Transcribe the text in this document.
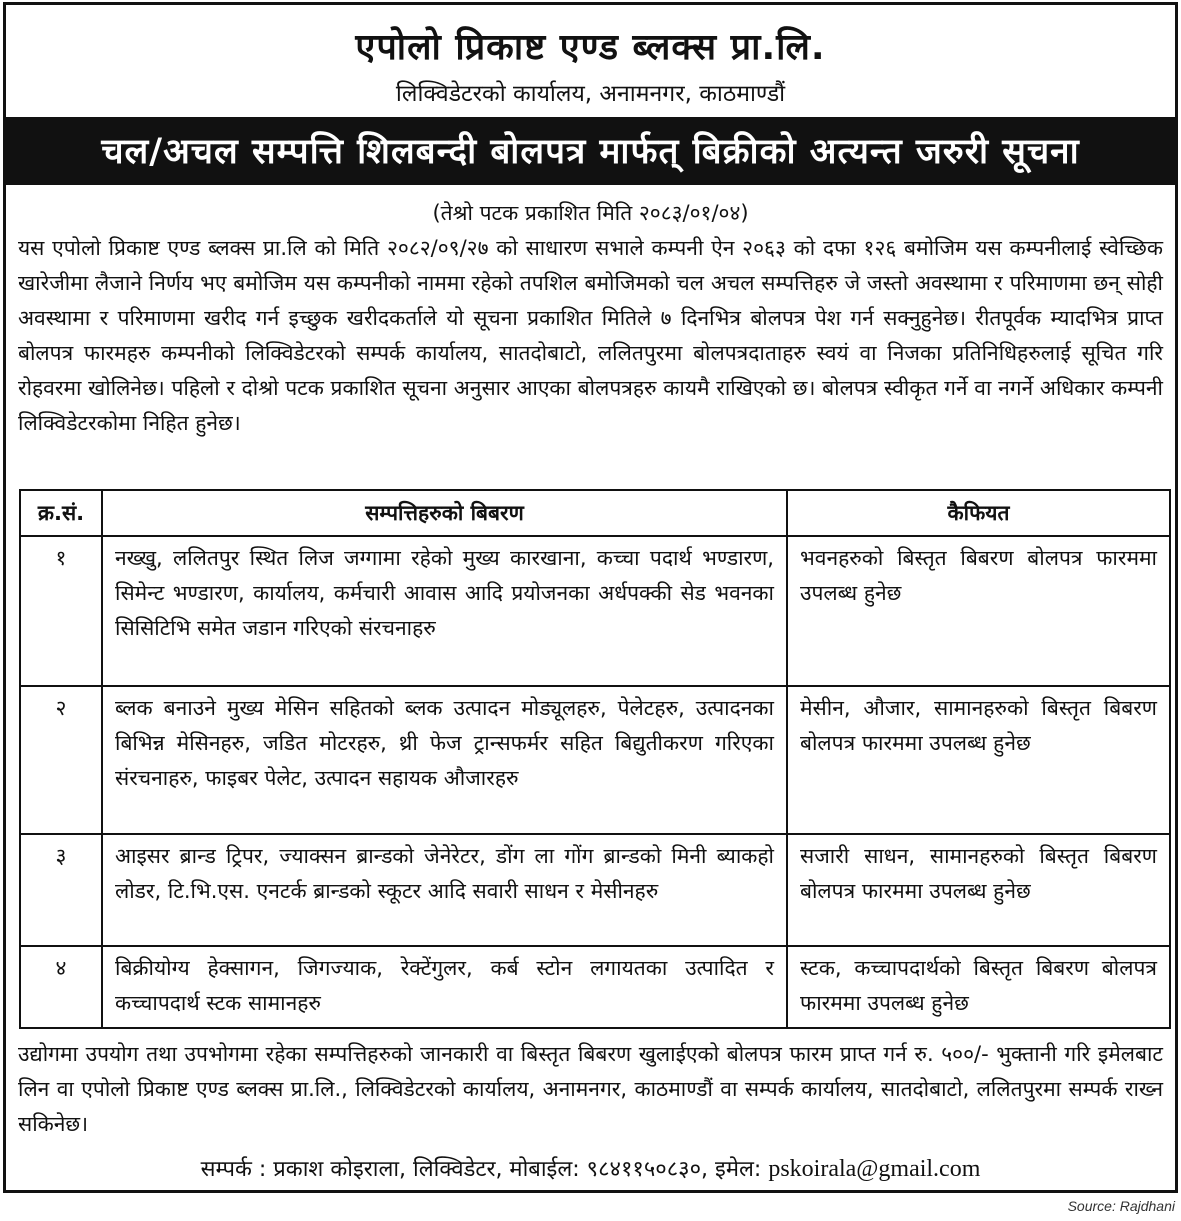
एपोलो प्रिकाष्ट एण्ड ब्लक्स प्रा.लि.
लिक्विडेटरको कार्यालय, अनामनगर, काठमाण्डौं
चल/अचल सम्पत्ति शिलबन्दी बोलपत्र मार्फत् बिक्रीको अत्यन्त जरुरी सूचना
(तेश्रो पटक प्रकाशित मिति २०८३/०१/०४)
यस एपोलो प्रिकाष्ट एण्ड ब्लक्स प्रा.लि को मिति २०८२/०९/२७ को साधारण सभाले कम्पनी ऐन २०६३ को दफा १२६ बमोजिम यस कम्पनीलाई स्वेच्छिक खारेजीमा लैजाने निर्णय भए बमोजिम यस कम्पनीको नाममा रहेको तपशिल बमोजिमको चल अचल सम्पत्तिहरु जे जस्तो अवस्थामा र परिमाणमा छन् सोही अवस्थामा र परिमाणमा खरीद गर्न इच्छुक खरीदकर्ताले यो सूचना प्रकाशित मितिले ७ दिनभित्र बोलपत्र पेश गर्न सक्नुहुनेछ। रीतपूर्वक म्यादभित्र प्राप्त बोलपत्र फारमहरु कम्पनीको लिक्विडेटरको सम्पर्क कार्यालय, सातदोबाटो, ललितपुरमा बोलपत्रदाताहरु स्वयं वा निजका प्रतिनिधिहरुलाई सूचित गरि रोहवरमा खोलिनेछ। पहिलो र दोश्रो पटक प्रकाशित सूचना अनुसार आएका बोलपत्रहरु कायमै राखिएको छ। बोलपत्र स्वीकृत गर्ने वा नगर्ने अधिकार कम्पनी लिक्विडेटरकोमा निहित हुनेछ।
क्र.सं.	सम्पत्तिहरुको बिबरण	कैफियत
१	नख्खु, ललितपुर स्थित लिज जग्गामा रहेको मुख्य कारखाना, कच्चा पदार्थ भण्डारण, सिमेन्ट भण्डारण, कार्यालय, कर्मचारी आवास आदि प्रयोजनका अर्धपक्की सेड भवनका सिसिटिभि समेत जडान गरिएको संरचनाहरु	भवनहरुको बिस्तृत बिबरण बोलपत्र फारममा उपलब्ध हुनेछ
२	ब्लक बनाउने मुख्य मेसिन सहितको ब्लक उत्पादन मोड्यूलहरु, पेलेटहरु, उत्पादनका बिभिन्न मेसिनहरु, जडित मोटरहरु, थ्री फेज ट्रान्सफर्मर सहित बिद्युतीकरण गरिएका संरचनाहरु, फाइबर पेलेट, उत्पादन सहायक औजारहरु	मेसीन, औजार, सामानहरुको बिस्तृत बिबरण बोलपत्र फारममा उपलब्ध हुनेछ
३	आइसर ब्रान्ड ट्रिपर, ज्याक्सन ब्रान्डको जेनेरेटर, डोंग ला गोंग ब्रान्डको मिनी ब्याकहो लोडर, टि.भि.एस. एनटर्क ब्रान्डको स्कूटर आदि सवारी साधन र मेसीनहरु	सजारी साधन, सामानहरुको बिस्तृत बिबरण बोलपत्र फारममा उपलब्ध हुनेछ
४	बिक्रीयोग्य हेक्सागन, जिगज्याक, रेक्टेंगुलर, कर्ब स्टोन लगायतका उत्पादित र कच्चापदार्थ स्टक सामानहरु	स्टक, कच्चापदार्थको बिस्तृत बिबरण बोलपत्र फारममा उपलब्ध हुनेछ
उद्योगमा उपयोग तथा उपभोगमा रहेका सम्पत्तिहरुको जानकारी वा बिस्तृत बिबरण खुलाईएको बोलपत्र फारम प्राप्त गर्न रु. ५००/- भुक्तानी गरि इमेलबाट लिन वा एपोलो प्रिकाष्ट एण्ड ब्लक्स प्रा.लि., लिक्विडेटरको कार्यालय, अनामनगर, काठमाण्डौं वा सम्पर्क कार्यालय, सातदोबाटो, ललितपुरमा सम्पर्क राख्न सकिनेछ।
सम्पर्क : प्रकाश कोइराला, लिक्विडेटर, मोबाईल: ९८४११५०८३०, इमेल: pskoirala@gmail.com
Source: Rajdhani
